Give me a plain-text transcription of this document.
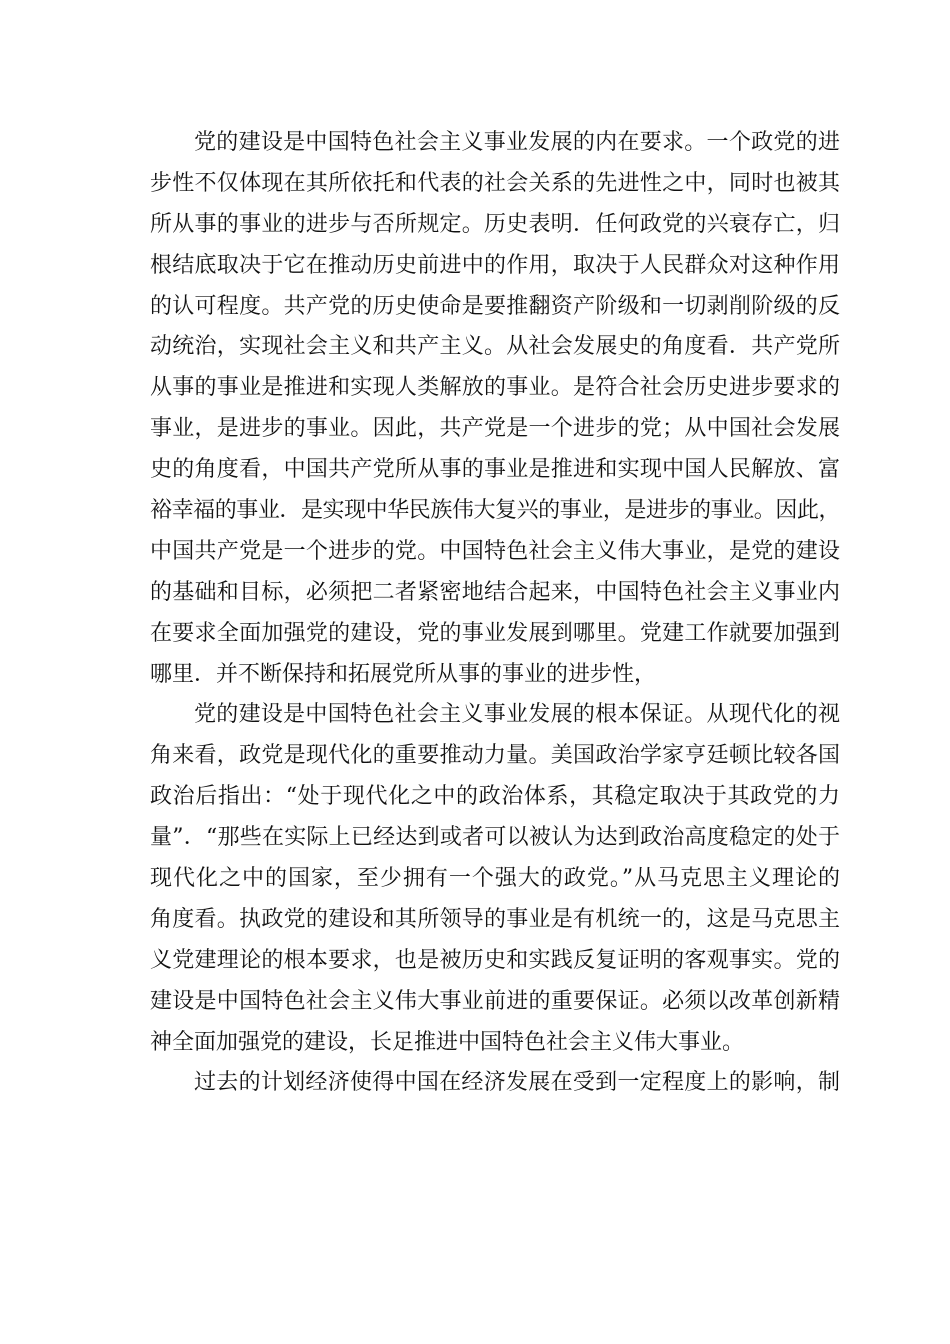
党的建设是中国特色社会主义事业发展的内在要求。一个政党的进
步性不仅体现在其所依托和代表的社会关系的先进性之中，同时也被其
所从事的事业的进步与否所规定。历史表明．任何政党的兴衰存亡，归
根结底取决于它在推动历史前进中的作用，取决于人民群众对这种作用
的认可程度。共产党的历史使命是要推翻资产阶级和一切剥削阶级的反
动统治，实现社会主义和共产主义。从社会发展史的角度看．共产党所
从事的事业是推进和实现人类解放的事业。是符合社会历史进步要求的
事业，是进步的事业。因此，共产党是一个进步的党；从中国社会发展
史的角度看，中国共产党所从事的事业是推进和实现中国人民解放、富
裕幸福的事业．是实现中华民族伟大复兴的事业，是进步的事业。因此，
中国共产党是一个进步的党。中国特色社会主义伟大事业，是党的建设
的基础和目标，必须把二者紧密地结合起来，中国特色社会主义事业内
在要求全面加强党的建设，党的事业发展到哪里。党建工作就要加强到
哪里．并不断保持和拓展党所从事的事业的进步性，
党的建设是中国特色社会主义事业发展的根本保证。从现代化的视
角来看，政党是现代化的重要推动力量。美国政治学家亨廷顿比较各国
政治后指出：“处于现代化之中的政治体系，其稳定取决于其政党的力
量”．“那些在实际上已经达到或者可以被认为达到政治高度稳定的处于
现代化之中的国家，至少拥有一个强大的政党。”从马克思主义理论的
角度看。执政党的建设和其所领导的事业是有机统一的，这是马克思主
义党建理论的根本要求，也是被历史和实践反复证明的客观事实。党的
建设是中国特色社会主义伟大事业前进的重要保证。必须以改革创新精
神全面加强党的建设，长足推进中国特色社会主义伟大事业。
过去的计划经济使得中国在经济发展在受到一定程度上的影响，制
